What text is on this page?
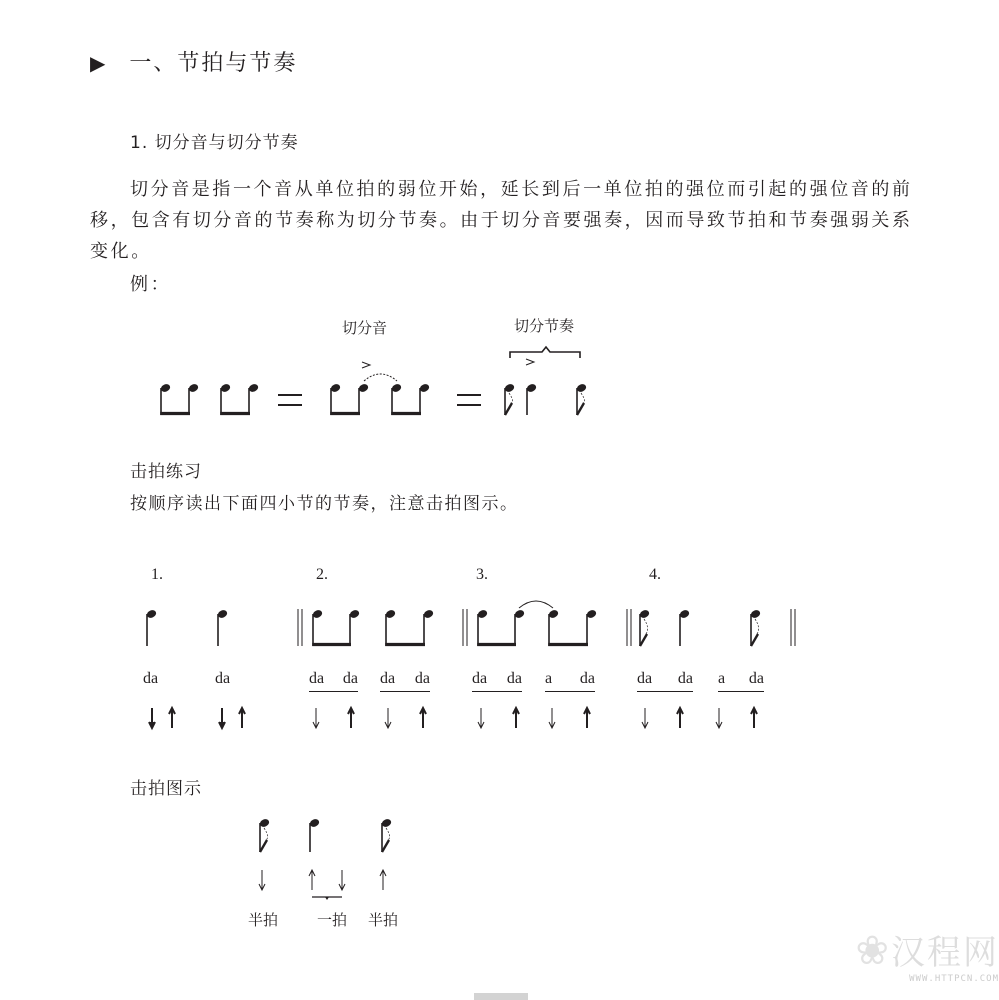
▶ 一、节拍与节奏
1. 切分音与切分节奏
切分音是指一个音从单位拍的弱位开始，延长到后一单位拍的强位而引起的强位音的前
移，包含有切分音的节奏称为切分节奏。由于切分音要强奏，因而导致节拍和节奏强弱关系
变化。
例：
切分音	切分节奏
击拍练习
按顺序读出下面四小节的节奏，注意击拍图示。
1.	2.	3.	4.
da	da	da da da da	da da a da	da da a da
击拍图示
半拍	一拍 半拍
❀汉程网
WWW.HTTPCN.COM
